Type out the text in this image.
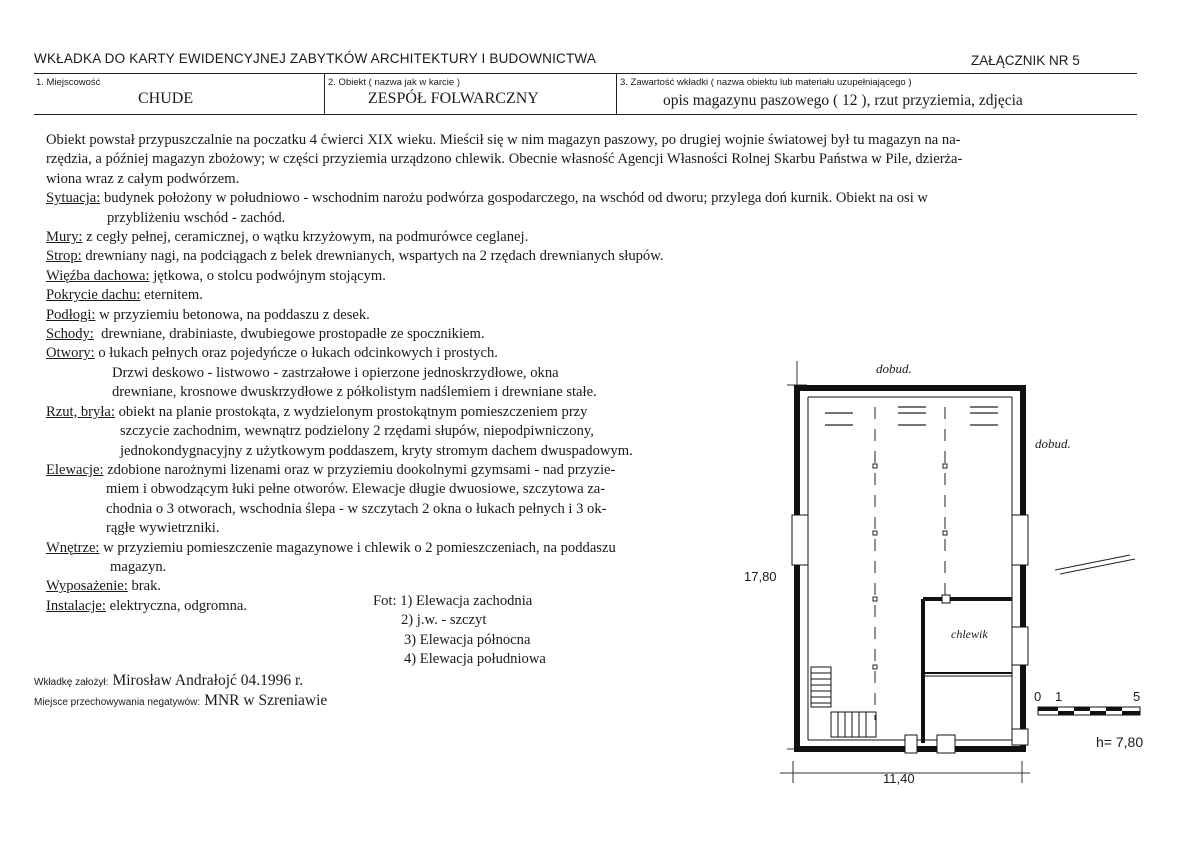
WKŁADKA DO KARTY EWIDENCYJNEJ ZABYTKÓW ARCHITEKTURY I BUDOWNICTWA	ZAŁĄCZNIK NR 5
1. Miejscowość
CHUDE
2. Obiekt ( nazwa jak w karcie )
ZESPÓŁ FOLWARCZNY
3. Zawartość wkładki ( nazwa obiektu lub materiału uzupełniającego )
opis magazynu paszowego ( 12 ), rzut przyziemia, zdjęcia

Obiekt powstał przypuszczalnie na poczatku 4 ćwierci XIX wieku. Mieścił się w nim magazyn paszowy, po drugiej wojnie światowej był tu magazyn na na-

rzędzia, a później magazyn zbożowy; w części przyziemia urządzono chlewik. Obecnie własność Agencji Własności Rolnej Skarbu Państwa w Pile, dzierża-

wiona wraz z całym podwórzem.

Sytuacja: budynek położony w południowo - wschodnim narożu podwórza gospodarczego, na wschód od dworu; przylega doń kurnik. Obiekt na osi w

przybliżeniu wschód - zachód.

Mury: z cegły pełnej, ceramicznej, o wątku krzyżowym, na podmurówce ceglanej.

Strop: drewniany nagi, na podciągach z belek drewnianych, wspartych na 2 rzędach drewnianych słupów.

Więźba dachowa: jętkowa, o stolcu podwójnym stojącym.

Pokrycie dachu: eternitem.

Podłogi: w przyziemiu betonowa, na poddaszu z desek.

Schody: drewniane, drabiniaste, dwubiegowe prostopadłe ze spocznikiem.

Otwory: o łukach pełnych oraz pojedyńcze o łukach odcinkowych i prostych.

Drzwi deskowo - listwowo - zastrzałowe i opierzone jednoskrzydłowe, okna

drewniane, krosnowe dwuskrzydłowe z półkolistym nadślemiem i drewniane stałe.

Rzut, bryła: obiekt na planie prostokąta, z wydzielonym prostokątnym pomieszczeniem przy

szczycie zachodnim, wewnątrz podzielony 2 rzędami słupów, niepodpiwniczony,

jednokondygnacyjny z użytkowym poddaszem, kryty stromym dachem dwuspadowym.

Elewacje: zdobione narożnymi lizenami oraz w przyziemiu dookolnymi gzymsami - nad przyzie-

miem i obwodzącym łuki pełne otworów. Elewacje długie dwuosiowe, szczytowa za-

chodnia o 3 otworach, wschodnia ślepa - w szczytach 2 okna o łukach pełnych i 3 ok-

rągłe wywietrzniki.

Wnętrze: w przyziemiu pomieszczenie magazynowe i chlewik o 2 pomieszczeniach, na poddaszu

magazyn.

Wyposażenie: brak.

Instalacje: elektryczna, odgromna.	Fot: 1) Elewacja zachodnia
2) j.w. - szczyt
3) Elewacja północna
4) Elewacja południowa
Wkładkę założył: Mirosław Andrałojć 04.1996 r.
Miejsce przechowywania negatywów: MNR w Szreniawie
dobud.
dobud.
chlewik
17,80
11,40
0 1	5
h= 7,80
